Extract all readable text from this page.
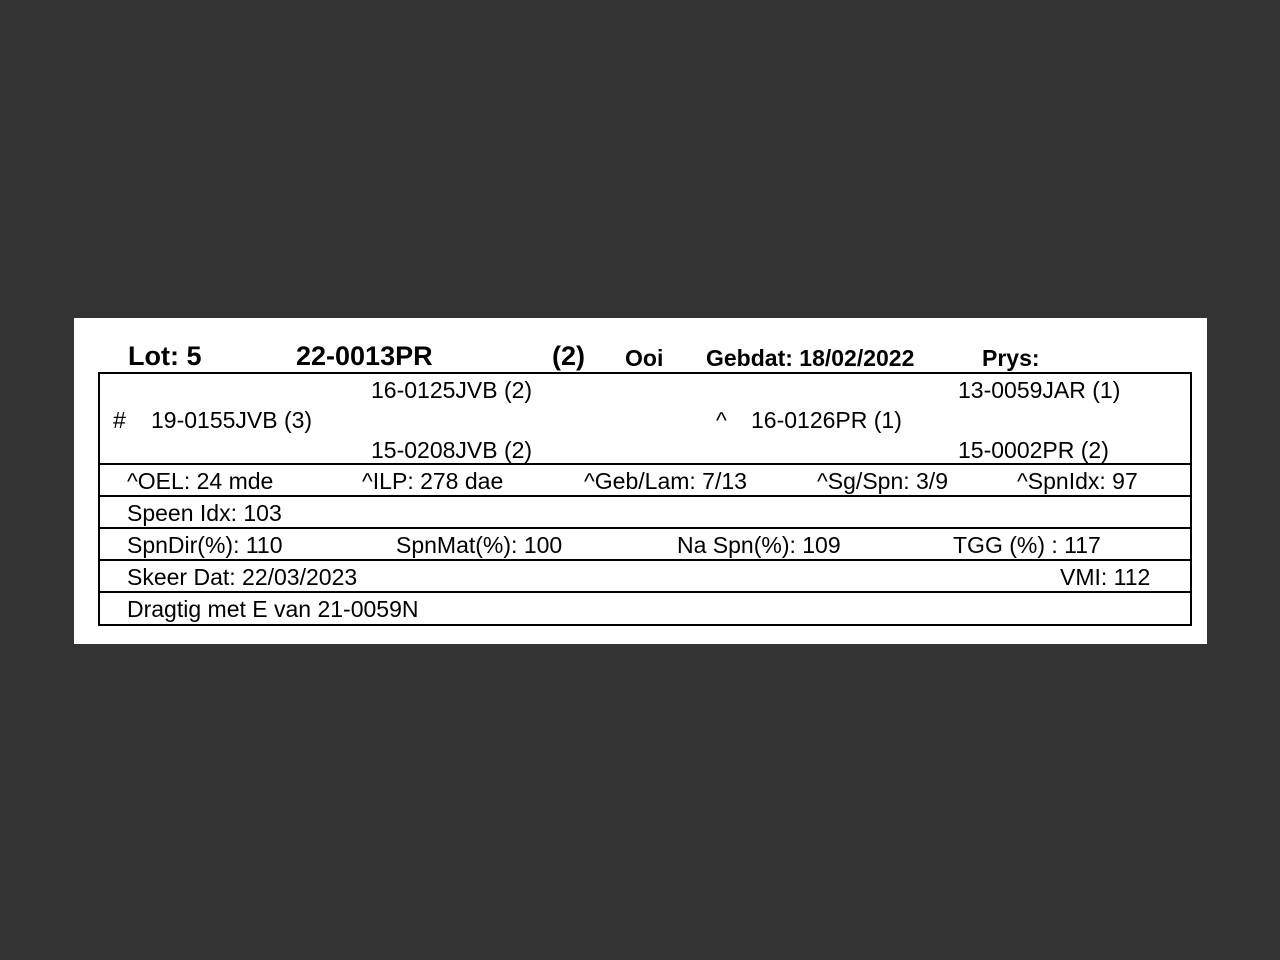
Lot: 5	22-0013PR	(2) Ooi Gebdat: 18/02/2022	Prys:
16-0125JVB (2)	13-0059JAR (1)
# 19-0155JVB (3)	^ 16-0126PR (1)
15-0208JVB (2)	15-0002PR (2)
^OEL: 24 mde	^ILP: 278 dae	^Geb/Lam: 7/13	^Sg/Spn: 3/9	^SpnIdx: 97
Speen Idx: 103
SpnDir(%): 110	SpnMat(%): 100	Na Spn(%): 109	TGG (%) : 117
Skeer Dat: 22/03/2023	VMI: 112
Dragtig met E van 21-0059N
